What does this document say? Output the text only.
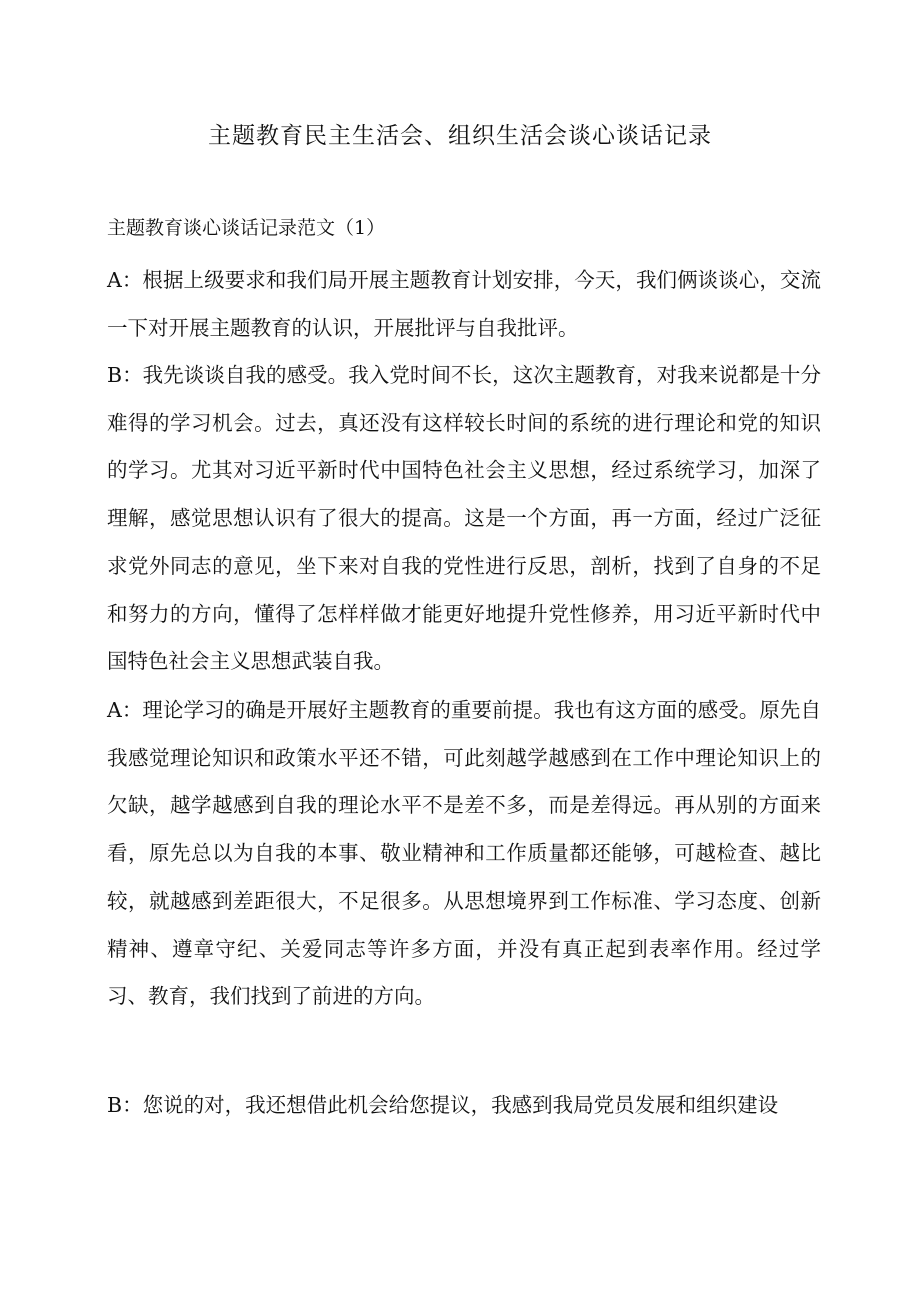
主题教育民主生活会、组织生活会谈心谈话记录
主题教育谈心谈话记录范文（1）

A：根据上级要求和我们局开展主题教育计划安排，今天，我们俩谈谈心，交流一下对开展主题教育的认识，开展批评与自我批评。

B：我先谈谈自我的感受。我入党时间不长，这次主题教育，对我来说都是十分难得的学习机会。过去，真还没有这样较长时间的系统的进行理论和党的知识的学习。尤其对习近平新时代中国特色社会主义思想，经过系统学习，加深了理解，感觉思想认识有了很大的提高。这是一个方面，再一方面，经过广泛征求党外同志的意见，坐下来对自我的党性进行反思，剖析，找到了自身的不足和努力的方向，懂得了怎样样做才能更好地提升党性修养，用习近平新时代中国特色社会主义思想武装自我。

A：理论学习的确是开展好主题教育的重要前提。我也有这方面的感受。原先自我感觉理论知识和政策水平还不错，可此刻越学越感到在工作中理论知识上的欠缺，越学越感到自我的理论水平不是差不多，而是差得远。再从别的方面来看，原先总以为自我的本事、敬业精神和工作质量都还能够，可越检查、越比较，就越感到差距很大，不足很多。从思想境界到工作标准、学习态度、创新精神、遵章守纪、关爱同志等许多方面，并没有真正起到表率作用。经过学习、教育，我们找到了前进的方向。

B：您说的对，我还想借此机会给您提议，我感到我局党员发展和组织建设
